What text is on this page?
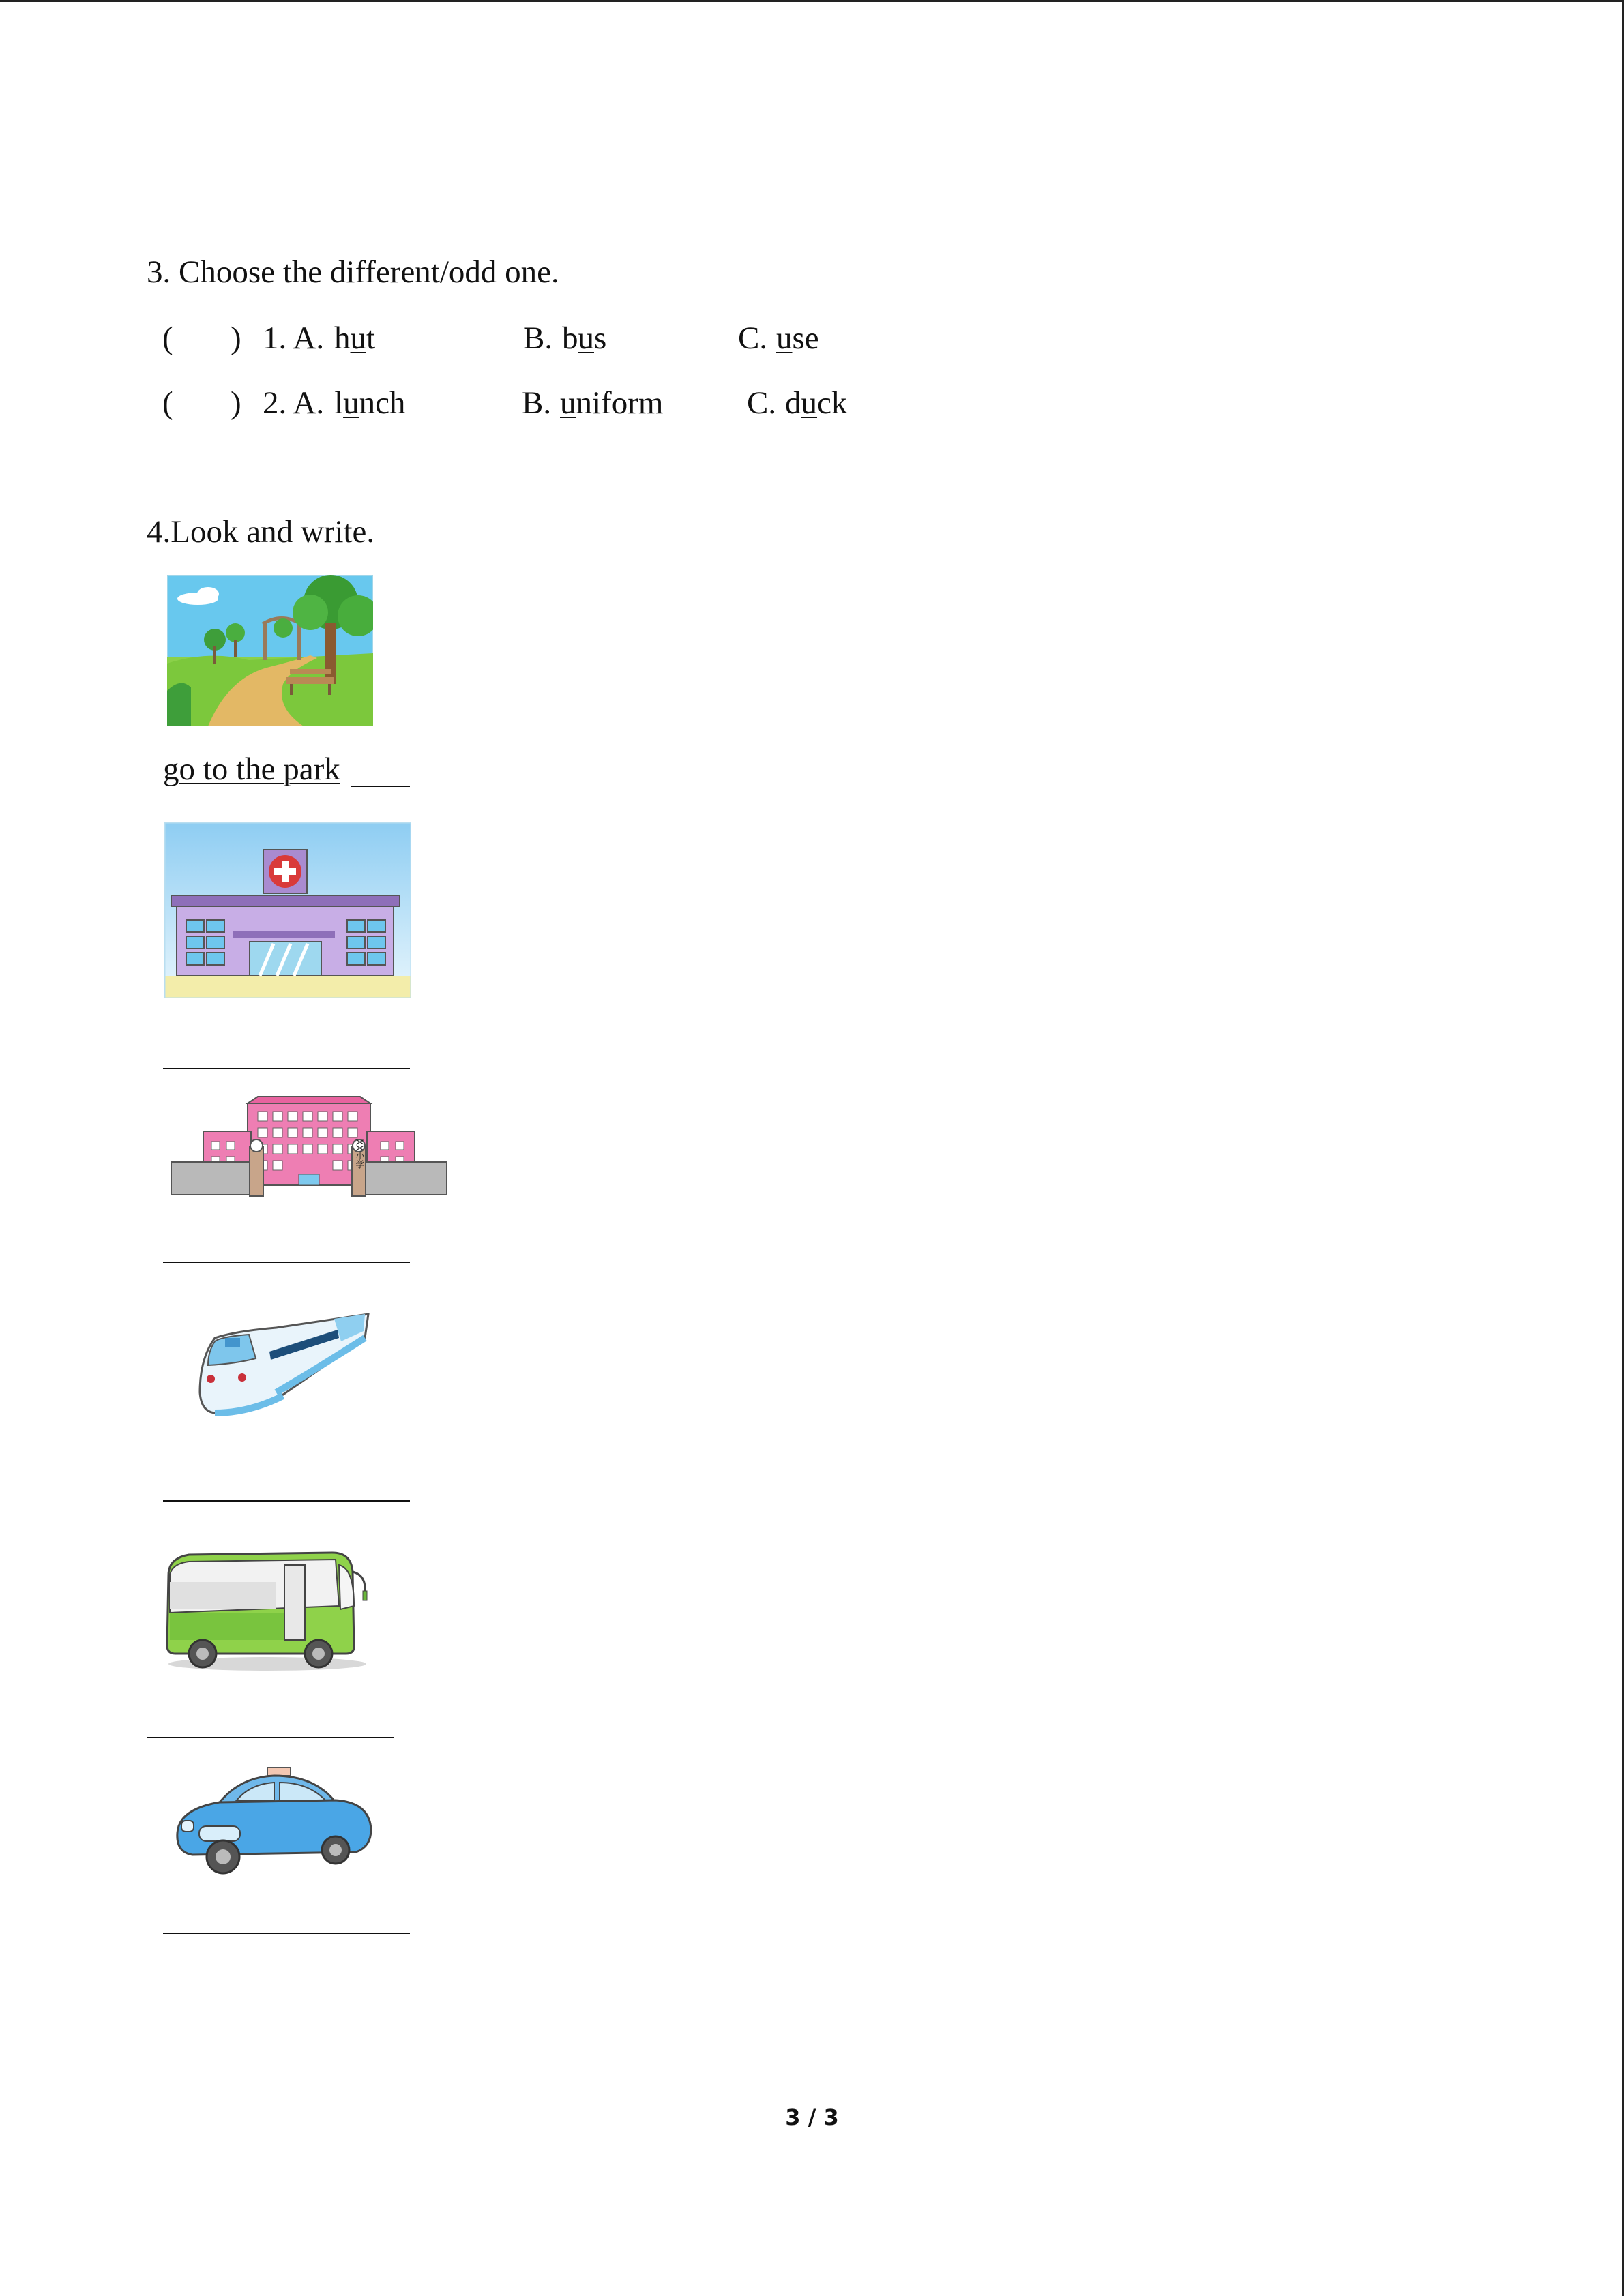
3. Choose the different/odd one.
( ) 1. A. hut	B. bus	C. use
( ) 2. A. lunch	B. uniform	C. duck
4.Look and write.
go to the park
XX小学
3 / 3
